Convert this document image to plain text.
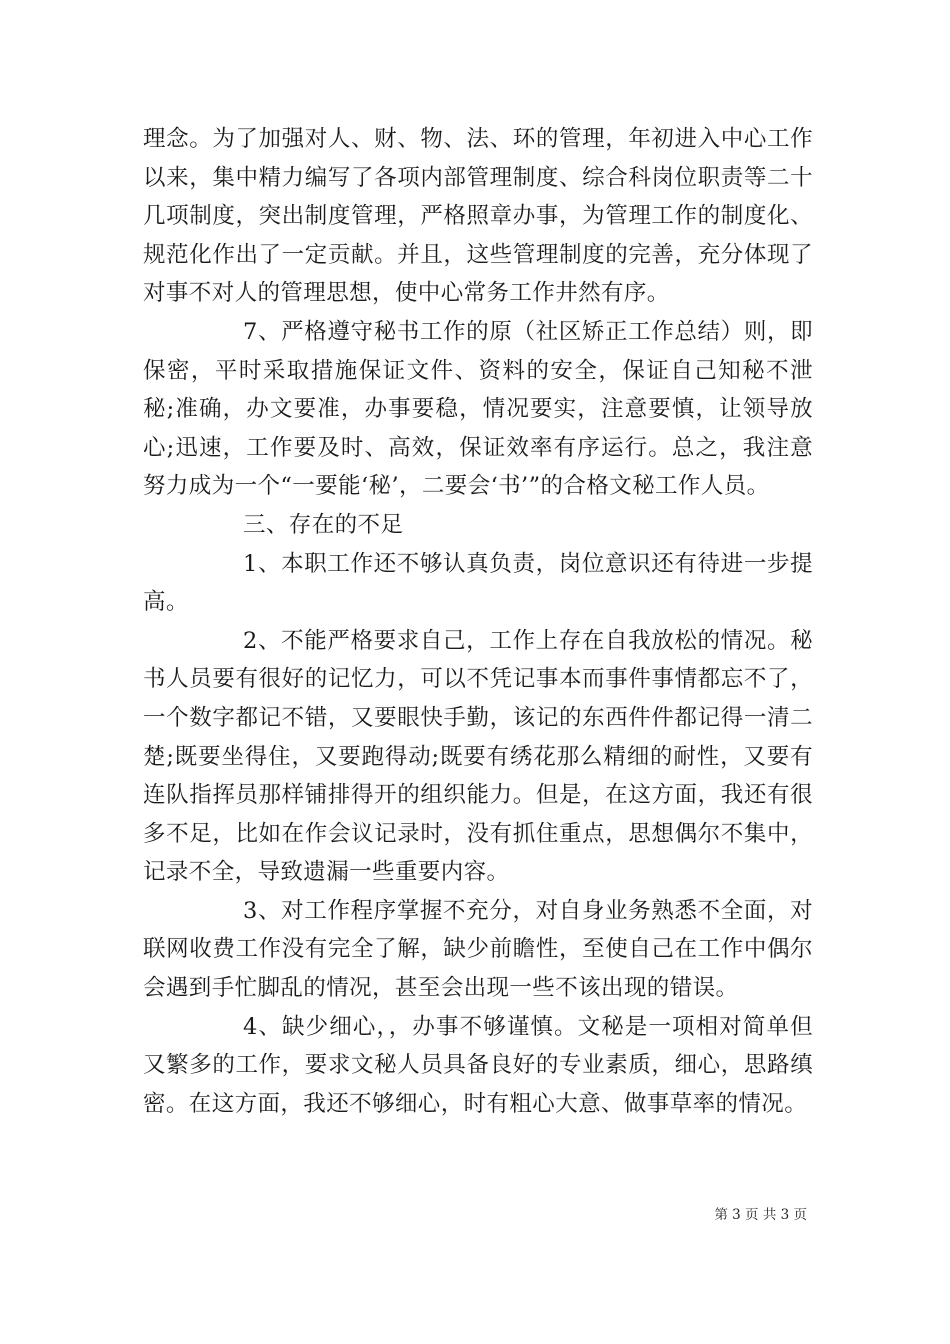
理念。为了加强对人、财、物、法、环的管理，年初进入中心工作以来，集中精力编写了各项内部管理制度、综合科岗位职责等二十几项制度，突出制度管理，严格照章办事，为管理工作的制度化、规范化作出了一定贡献。并且，这些管理制度的完善，充分体现了对事不对人的管理思想，使中心常务工作井然有序。

7、严格遵守秘书工作的原（社区矫正工作总结）则，即保密，平时采取措施保证文件、资料的安全，保证自己知秘不泄秘;准确，办文要准，办事要稳，情况要实，注意要慎，让领导放心;迅速，工作要及时、高效，保证效率有序运行。总之，我注意努力成为一个“一要能‘秘’，二要会‘书’”的合格文秘工作人员。

三、存在的不足

1、本职工作还不够认真负责，岗位意识还有待进一步提高。

2、不能严格要求自己，工作上存在自我放松的情况。秘书人员要有很好的记忆力，可以不凭记事本而事件事情都忘不了，一个数字都记不错，又要眼快手勤，该记的东西件件都记得一清二楚;既要坐得住，又要跑得动;既要有绣花那么精细的耐性，又要有连队指挥员那样铺排得开的组织能力。但是，在这方面，我还有很多不足，比如在作会议记录时，没有抓住重点，思想偶尔不集中，记录不全，导致遗漏一些重要内容。

3、对工作程序掌握不充分，对自身业务熟悉不全面，对联网收费工作没有完全了解，缺少前瞻性，至使自己在工作中偶尔会遇到手忙脚乱的情况，甚至会出现一些不该出现的错误。

4、缺少细心，，办事不够谨慎。文秘是一项相对简单但又繁多的工作，要求文秘人员具备良好的专业素质，细心，思路缜密。在这方面，我还不够细心，时有粗心大意、做事草率的情况。

第 3 页 共 3 页
